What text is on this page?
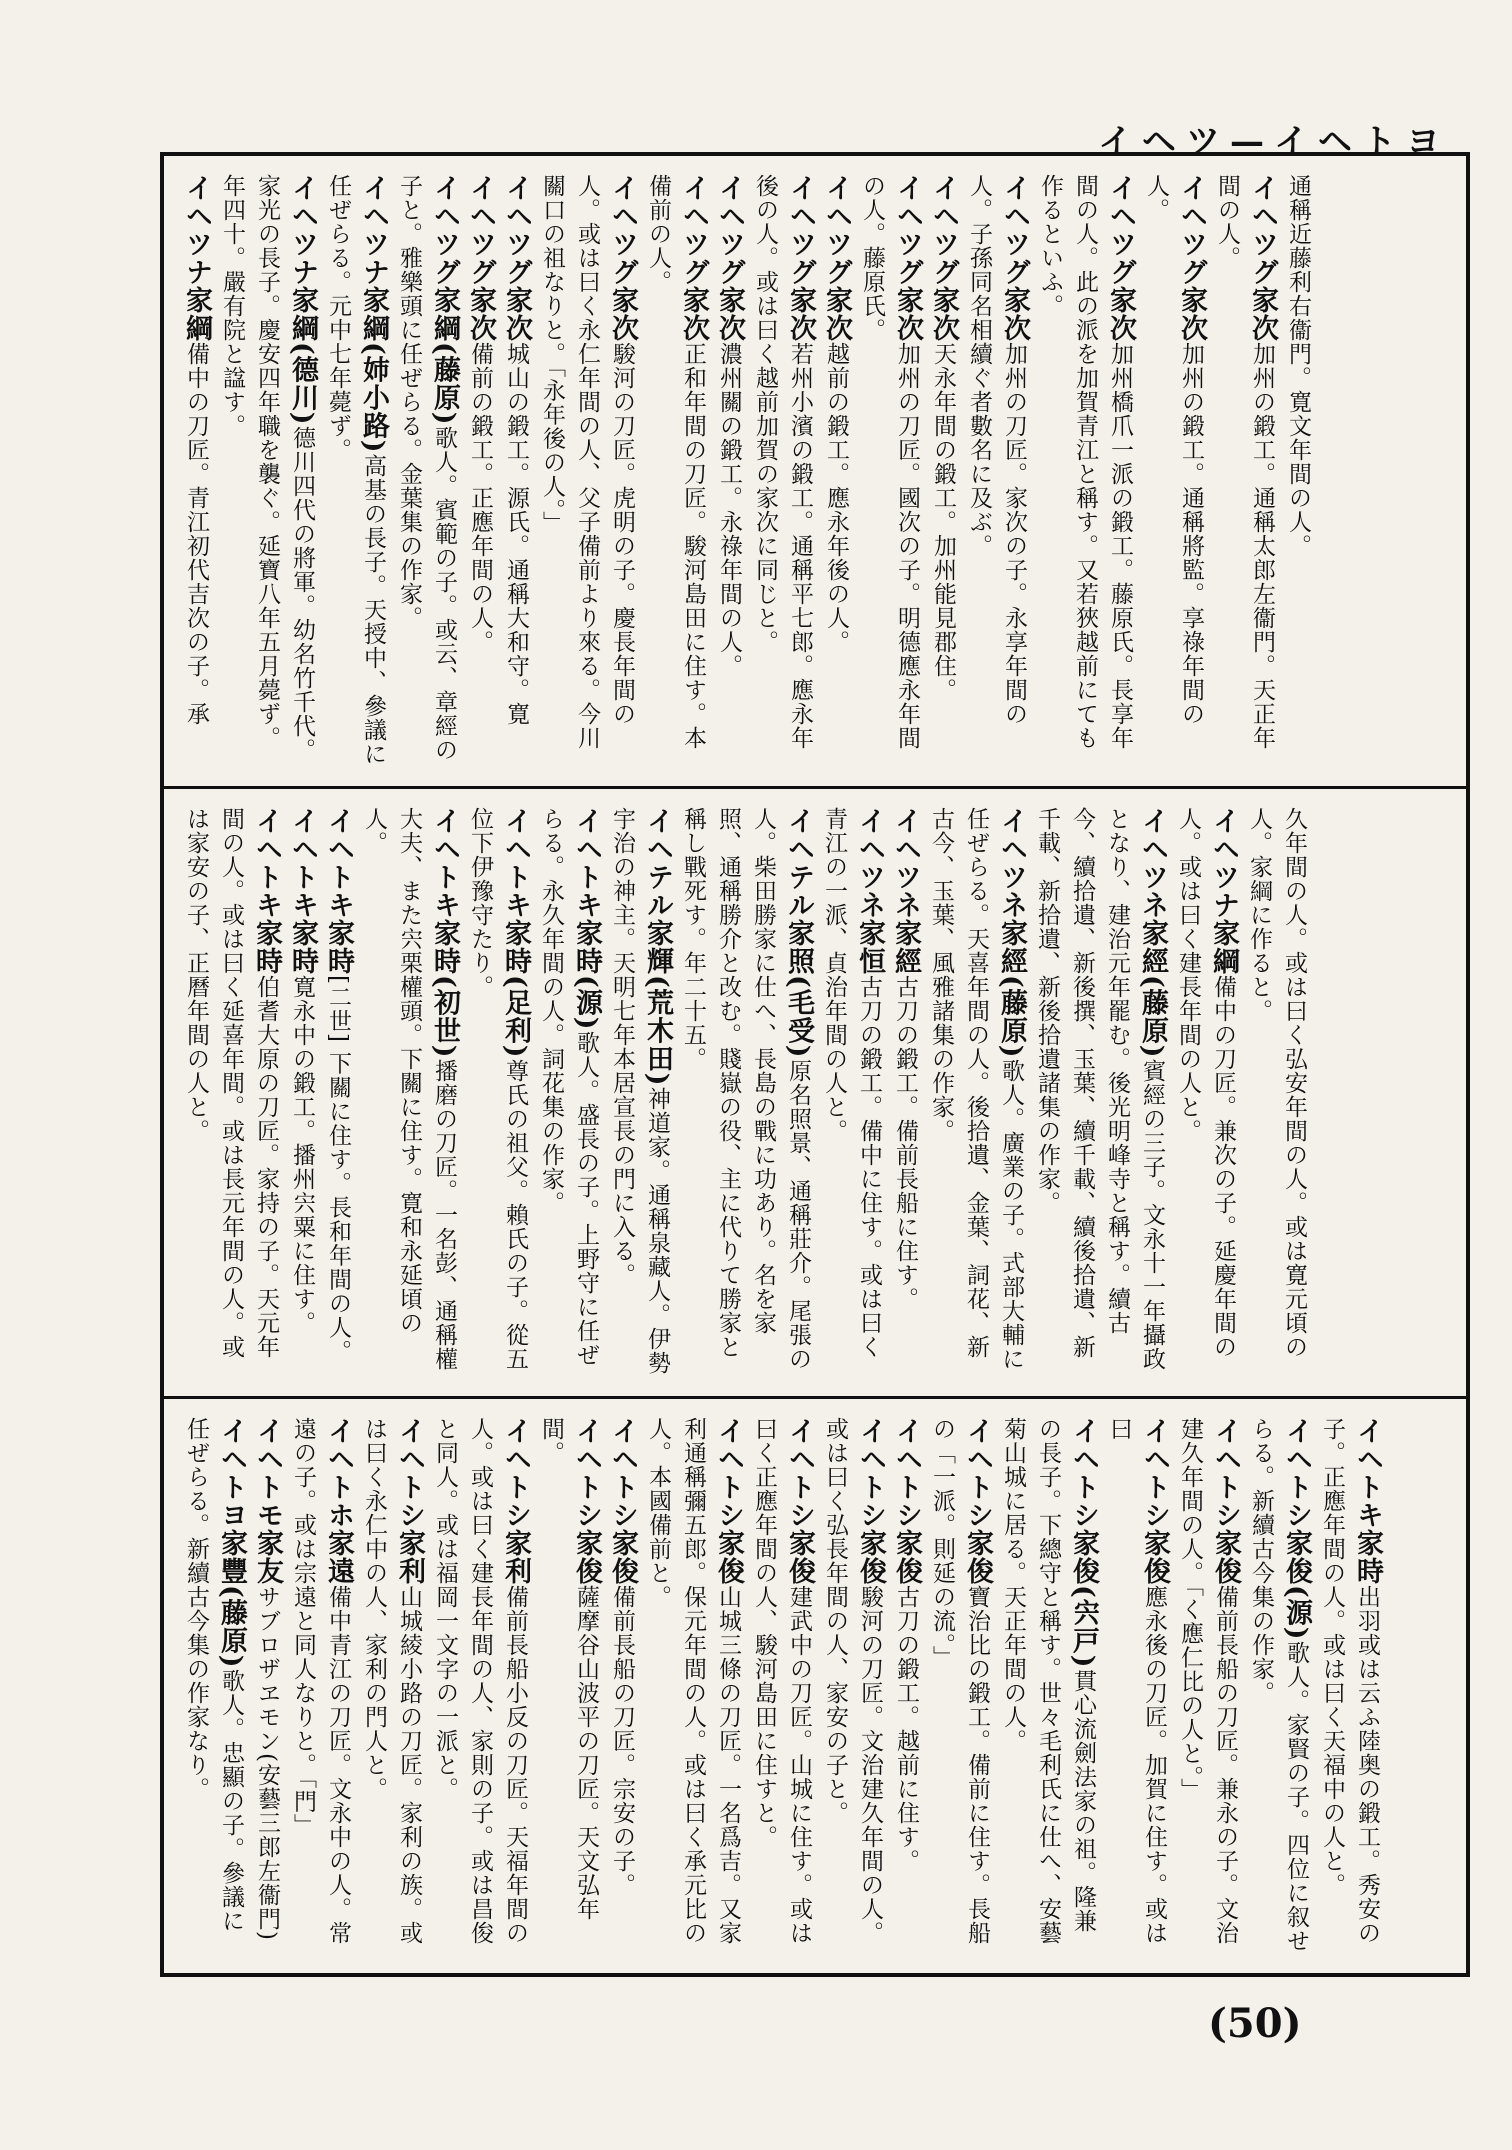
イヘツ—イヘトヨ
通稱近藤利右衞門。寛文年間の人。
イヘツグ家次加州の鍛工。通稱太郎左衞門。天正年間の人。
イヘツグ家次加州の鍛工。通稱將監。享祿年間の人。
イヘツグ家次加州橋爪一派の鍛工。藤原氏。長享年間の人。此の派を加賀青江と稱す。又若狹越前にても作るといふ。
イヘツグ家次加州の刀匠。家次の子。永享年間の人。子孫同名相續ぐ者數名に及ぶ。
イヘツグ家次天永年間の鍛工。加州能見郡住。
イヘツグ家次加州の刀匠。國次の子。明德應永年間の人。藤原氏。
イヘツグ家次越前の鍛工。應永年後の人。
イヘツグ家次若州小濱の鍛工。通稱平七郎。應永年後の人。或は曰く越前加賀の家次に同じと。
イヘツグ家次濃州關の鍛工。永祿年間の人。
イヘツグ家次正和年間の刀匠。駿河島田に住す。本備前の人。
イヘツグ家次駿河の刀匠。虎明の子。慶長年間の人。或は曰く永仁年間の人、父子備前より來る。今川關口の祖なりと。「永年後の人。」
イヘツグ家次城山の鍛工。源氏。通稱大和守。寛
イヘツグ家次備前の鍛工。正應年間の人。
イヘツグ家綱(藤原)歌人。賓範の子。或云、章經の子と。雅樂頭に任ぜらる。金葉集の作家。
イヘツナ家綱(姉小路)高基の長子。天授中、參議に任ぜらる。元中七年薨ず。
イヘツナ家綱(德川)德川四代の將軍。幼名竹千代。家光の長子。慶安四年職を襲ぐ。延寶八年五月薨ず。年四十。嚴有院と諡す。
イヘツナ家綱備中の刀匠。青江初代吉次の子。承
久年間の人。或は曰く弘安年間の人。或は寛元頃の人。家綱に作ると。
イヘツナ家綱備中の刀匠。兼次の子。延慶年間の人。或は曰く建長年間の人と。
イヘツネ家經(藤原)賓經の三子。文永十一年攝政となり、建治元年罷む。後光明峰寺と稱す。續古今、續拾遺、新後撰、玉葉、續千載、續後拾遺、新千載、新拾遺、新後拾遺諸集の作家。
イヘツネ家經(藤原)歌人。廣業の子。式部大輔に任ぜらる。天喜年間の人。後拾遺、金葉、詞花、新古今、玉葉、風雅諸集の作家。
イヘツネ家經古刀の鍛工。備前長船に住す。
イヘツネ家恒古刀の鍛工。備中に住す。或は曰く青江の一派、貞治年間の人と。
イヘテル家照(毛受)原名照景、通稱莊介。尾張の人。柴田勝家に仕へ、長島の戰に功あり。名を家照、通稱勝介と改む。賤嶽の役、主に代りて勝家と稱し戰死す。年二十五。
イヘテル家輝(荒木田)神道家。通稱泉藏人。伊勢宇治の神主。天明七年本居宣長の門に入る。
イヘトキ家時(源)歌人。盛長の子。上野守に任ぜらる。永久年間の人。詞花集の作家。
イヘトキ家時(足利)尊氏の祖父。賴氏の子。從五位下伊豫守たり。
イヘトキ家時(初世)播磨の刀匠。一名彭、通稱權大夫、また宍栗權頭。下關に住す。寛和永延頃の人。
イヘトキ家時[二世] 下關に住す。長和年間の人。
イヘトキ家時寛永中の鍛工。播州宍粟に住す。
イヘトキ家時伯耆大原の刀匠。家持の子。天元年間の人。或は曰く延喜年間。或は長元年間の人。或は家安の子、正曆年間の人と。
イヘトキ家時出羽或は云ふ陸奥の鍛工。秀安の子。正應年間の人。或は曰く天福中の人と。
イヘトシ家俊(源)歌人。家賢の子。四位に叙せらる。新續古今集の作家。
イヘトシ家俊備前長船の刀匠。兼永の子。文治建久年間の人。「く應仁比の人と。」
イヘトシ家俊應永後の刀匠。加賀に住す。或は曰
イヘトシ家俊(宍戸)貫心流劍法家の祖。隆兼の長子。下總守と稱す。世々毛利氏に仕へ、安藝菊山城に居る。天正年間の人。
イヘトシ家俊寶治比の鍛工。備前に住す。長船の「一派。則延の流。」
イヘトシ家俊古刀の鍛工。越前に住す。
イヘトシ家俊駿河の刀匠。文治建久年間の人。或は曰く弘長年間の人、家安の子と。
イヘトシ家俊建武中の刀匠。山城に住す。或は曰く正應年間の人、駿河島田に住すと。
イヘトシ家俊山城三條の刀匠。一名爲吉。又家利通稱彌五郎。保元年間の人。或は曰く承元比の人。本國備前と。
イヘトシ家俊備前長船の刀匠。宗安の子。
イヘトシ家俊薩摩谷山波平の刀匠。天文弘年間。
イヘトシ家利備前長船小反の刀匠。天福年間の人。或は曰く建長年間の人、家則の子。或は昌俊と同人。或は福岡一文字の一派と。
イヘトシ家利山城綾小路の刀匠。家利の族。或は曰く永仁中の人、家利の門人と。
イヘトホ家遠備中青江の刀匠。文永中の人。常遠の子。或は宗遠と同人なりと。「門」
イヘトモ家友サブロザヱモン(安藝三郎左衞門)
イヘトヨ家豐(藤原)歌人。忠顯の子。參議に任ぜらる。新續古今集の作家なり。
(50)
